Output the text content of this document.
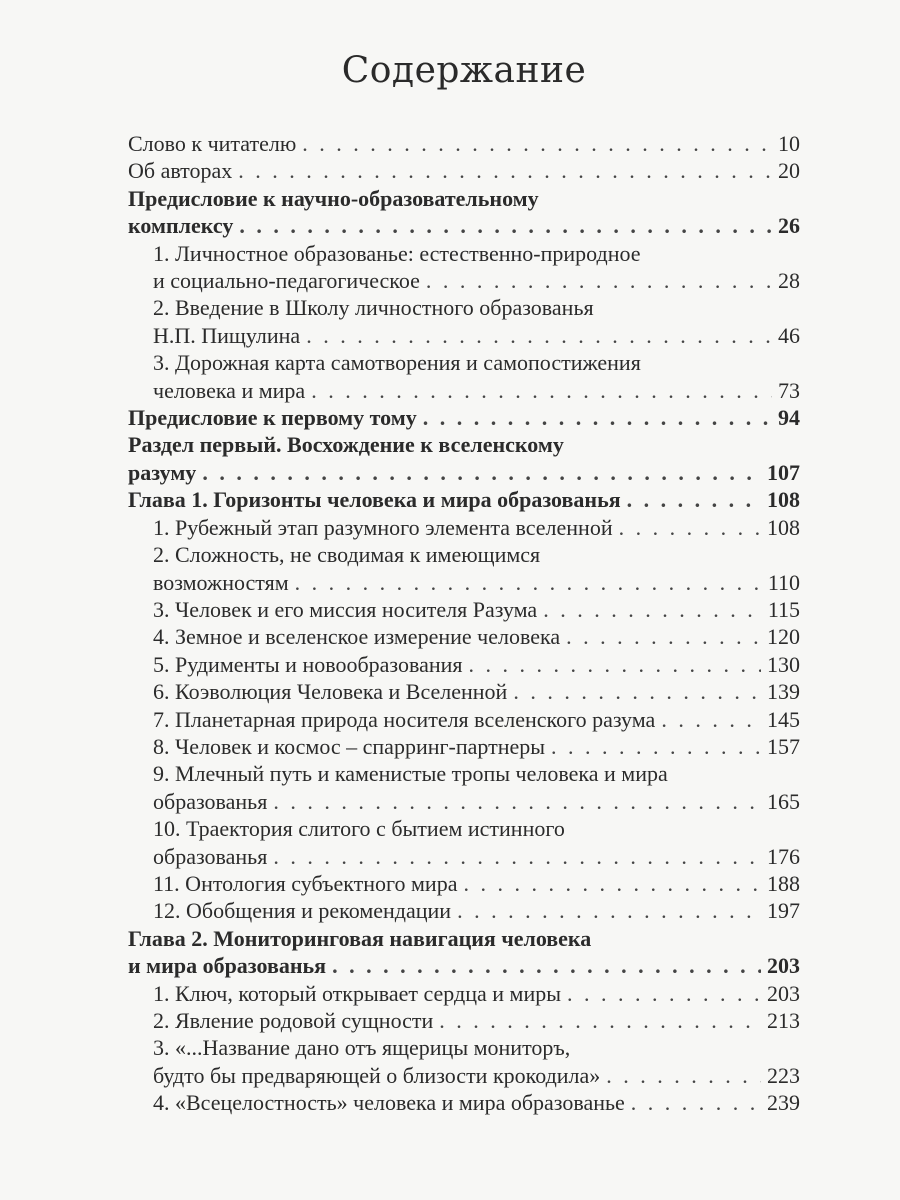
Содержание
Слово к читателю . . .	10
Об авторах . . .	20
Предисловие к научно-образовательному
комплексу . . .	26
1. Личностное образованье: естественно-природное
и социально-педагогическое . . .	28
2. Введение в Школу личностного образованья
Н.П. Пищулина . . .	46
3. Дорожная карта самотворения и самопостижения
человека и мира . . .	73
Предисловие к первому тому . . .	94
Раздел первый. Восхождение к вселенскому
разуму . . .	107
Глава 1. Горизонты человека и мира образованья . . .	108
1. Рубежный этап разумного элемента вселенной . . .	108
2. Сложность, не сводимая к имеющимся
возможностям . . .	110
3. Человек и его миссия носителя Разума . . .	115
4. Земное и вселенское измерение человека . . .	120
5. Рудименты и новообразования . . .	130
6. Коэволюция Человека и Вселенной . . .	139
7. Планетарная природа носителя вселенского разума . . .	145
8. Человек и космос – спарринг-партнеры . . .	157
9. Млечный путь и каменистые тропы человека и мира
образованья . . .	165
10. Траектория слитого с бытием истинного
образованья . . .	176
11. Онтология субъектного мира . . .	188
12. Обобщения и рекомендации . . .	197
Глава 2. Мониторинговая навигация человека
и мира образованья . . .	203
1. Ключ, который открывает сердца и миры . . .	203
2. Явление родовой сущности . . .	213
3. «...Название дано отъ ящерицы мониторъ,
будто бы предваряющей о близости крокодила» . . .	223
4. «Всецелостность» человека и мира образованье . . .	239
